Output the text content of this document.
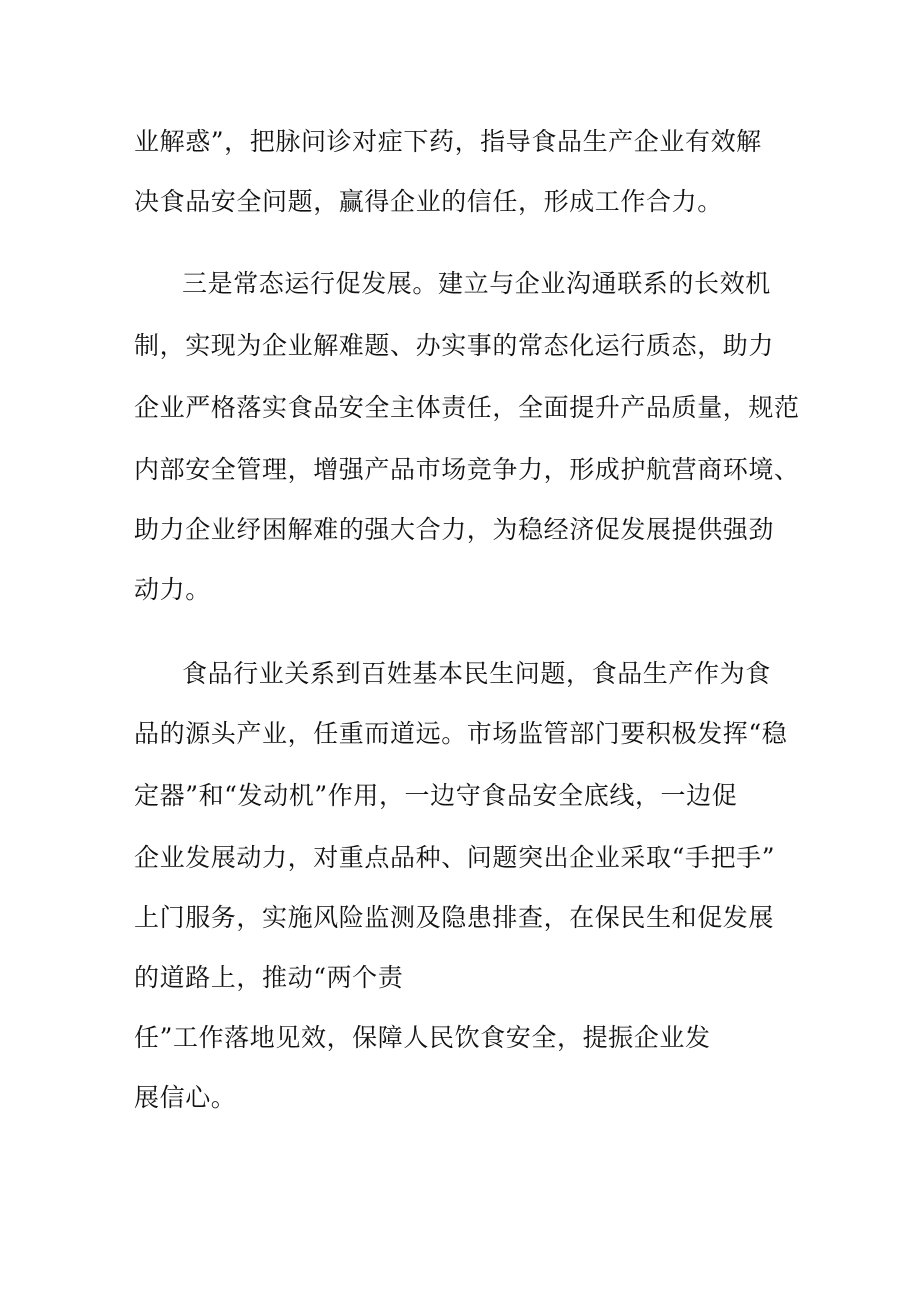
业解惑”，把脉问诊对症下药，指导食品生产企业有效解
决食品安全问题，赢得企业的信任，形成工作合力。
三是常态运行促发展。建立与企业沟通联系的长效机
制，实现为企业解难题、办实事的常态化运行质态，助力
企业严格落实食品安全主体责任，全面提升产品质量，规范
内部安全管理，增强产品市场竞争力，形成护航营商环境、
助力企业纾困解难的强大合力，为稳经济促发展提供强劲
动力。
食品行业关系到百姓基本民生问题，食品生产作为食
品的源头产业，任重而道远。市场监管部门要积极发挥“稳
定器”和“发动机”作用，一边守食品安全底线，一边促
企业发展动力，对重点品种、问题突出企业采取“手把手”
上门服务，实施风险监测及隐患排查，在保民生和促发展
的道路上，推动“两个责
任”工作落地见效，保障人民饮食安全，提振企业发
展信心。
